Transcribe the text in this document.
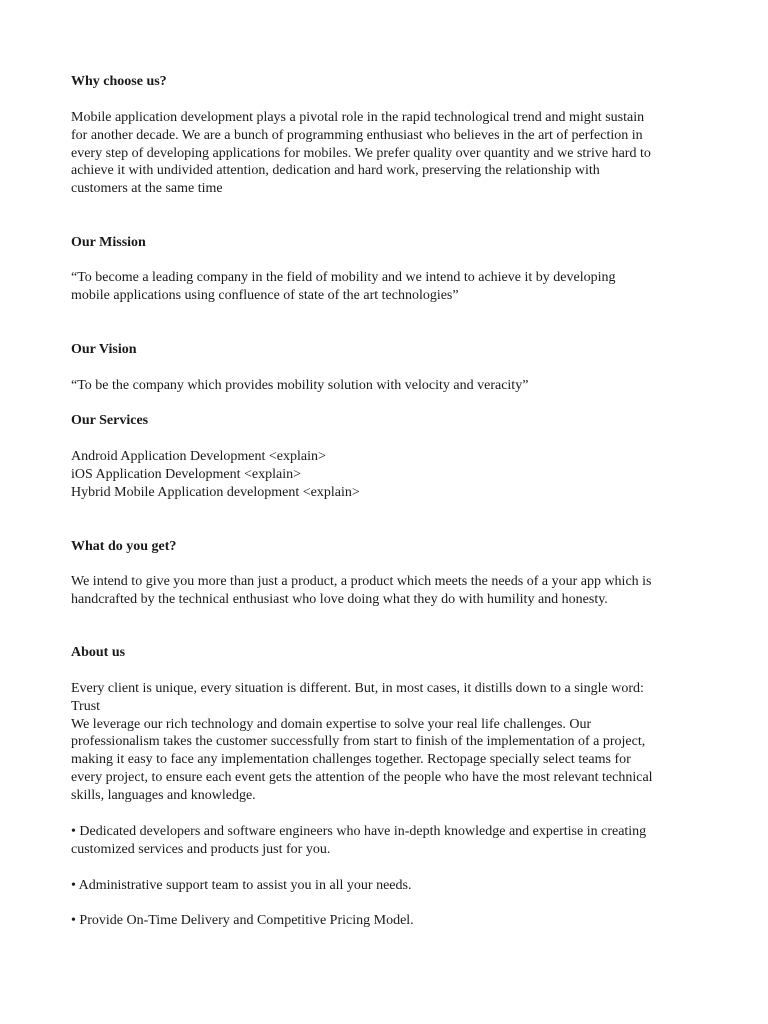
Why choose us?
Mobile application development plays a pivotal role in the rapid technological trend and might sustain
for another decade. We are a bunch of programming enthusiast who believes in the art of perfection in
every step of developing applications for mobiles. We prefer quality over quantity and we strive hard to
achieve it with undivided attention, dedication and hard work, preserving the relationship with
customers at the same time
Our Mission
“To become a leading company in the field of mobility and we intend to achieve it by developing
mobile applications using confluence of state of the art technologies”
Our Vision
“To be the company which provides mobility solution with velocity and veracity”
Our Services
Android Application Development <explain>
iOS Application Development <explain>
Hybrid Mobile Application development <explain>
What do you get?
We intend to give you more than just a product, a product which meets the needs of a your app which is
handcrafted by the technical enthusiast who love doing what they do with humility and honesty.
About us
Every client is unique, every situation is different. But, in most cases, it distills down to a single word:
Trust
We leverage our rich technology and domain expertise to solve your real life challenges. Our
professionalism takes the customer successfully from start to finish of the implementation of a project,
making it easy to face any implementation challenges together. Rectopage specially select teams for
every project, to ensure each event gets the attention of the people who have the most relevant technical
skills, languages and knowledge.
• Dedicated developers and software engineers who have in-depth knowledge and expertise in creating
customized services and products just for you.
• Administrative support team to assist you in all your needs.
• Provide On-Time Delivery and Competitive Pricing Model.
